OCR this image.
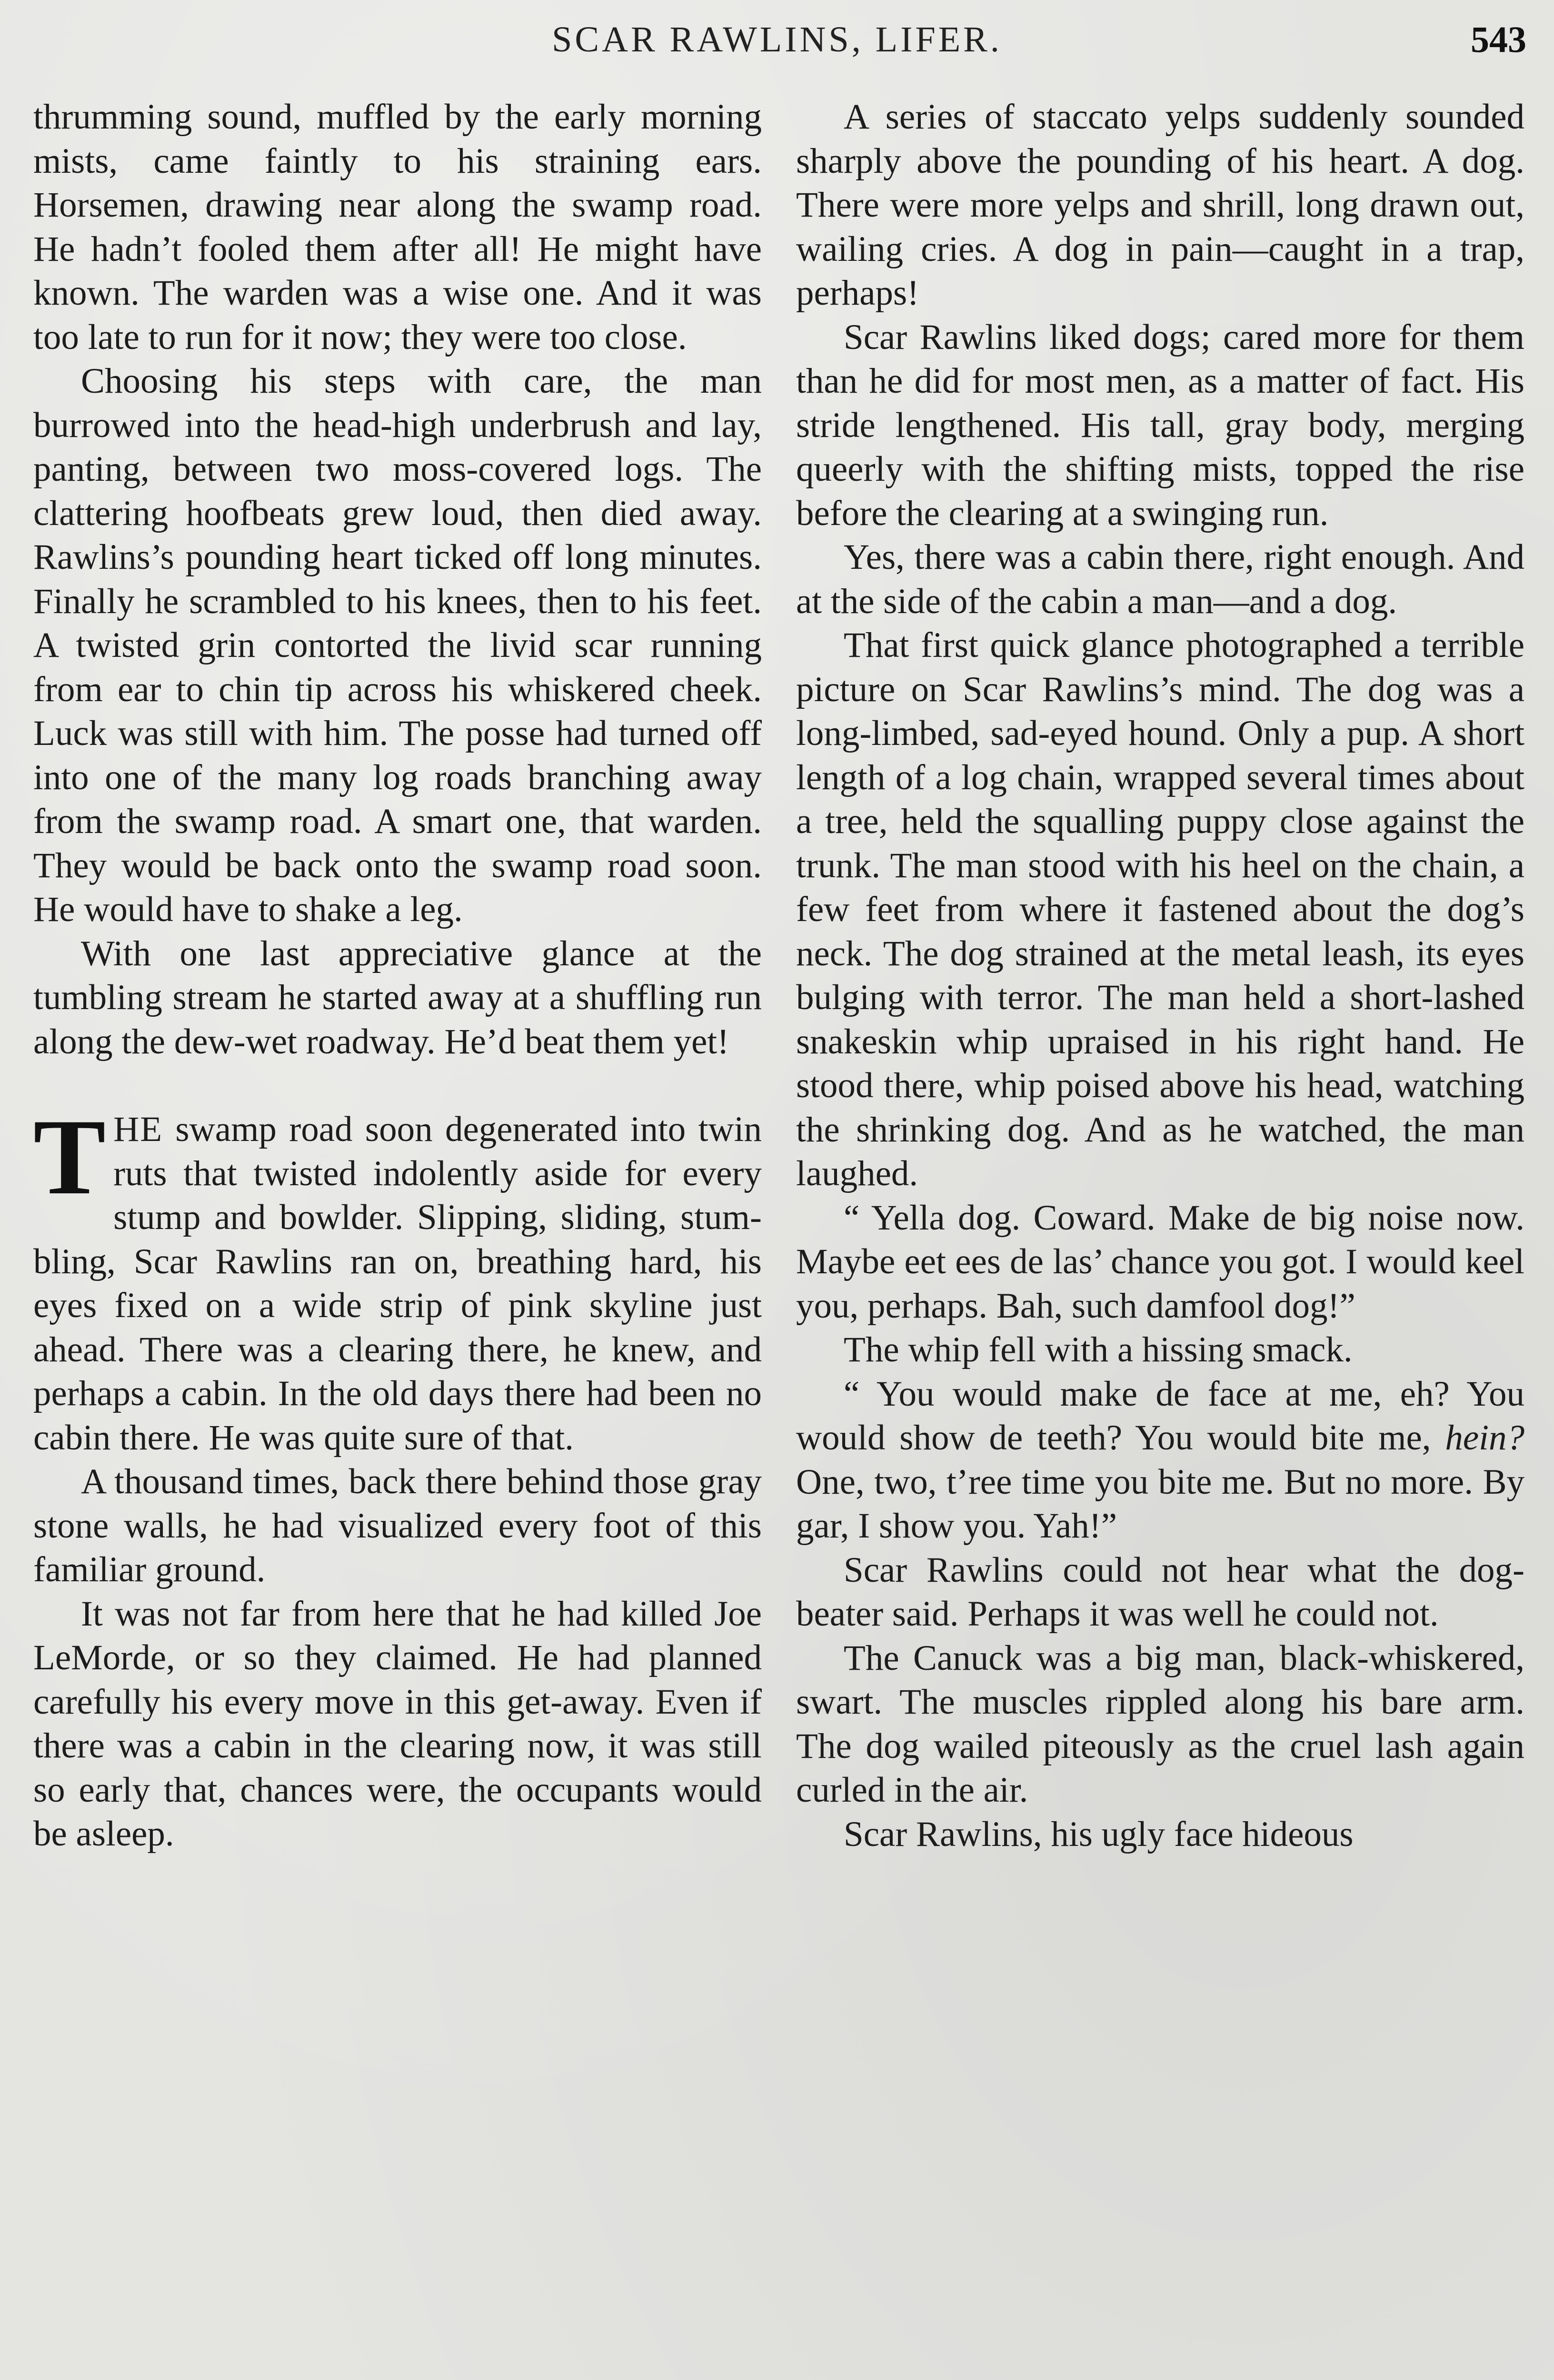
SCAR RAWLINS, LIFER.	543

thrumming sound, muffled by the early morning mists, came faintly to his straining ears. Horsemen, drawing near along the swamp road. He hadn’t fooled them after all! He might have known. The warden was a wise one. And it was too late to run for it now; they were too close.

Choosing his steps with care, the man burrowed into the head-high underbrush and lay, panting, between two moss-covered logs. The clattering hoofbeats grew loud, then died away. Rawlins’s pounding heart ticked off long minutes. Finally he scrambled to his knees, then to his feet. A twisted grin contorted the livid scar running from ear to chin tip across his whiskered cheek. Luck was still with him. The posse had turned off into one of the many log roads branching away from the swamp road. A smart one, that warden. They would be back onto the swamp road soon. He would have to shake a leg.

With one last appreciative glance at the tumbling stream he started away at a shuffling run along the dew-wet roadway. He’d beat them yet!

THE swamp road soon degenerated into twin ruts that twisted indolently aside for every stump and bowlder. Slipping, sliding, stumbling, Scar Rawlins ran on, breathing hard, his eyes fixed on a wide strip of pink skyline just ahead. There was a clearing there, he knew, and perhaps a cabin. In the old days there had been no cabin there. He was quite sure of that.

A thousand times, back there behind those gray stone walls, he had visualized every foot of this familiar ground.

It was not far from here that he had killed Joe LeMorde, or so they claimed. He had planned carefully his every move in this get-away. Even if there was a cabin in the clearing now, it was still so early that, chances were, the occupants would be asleep.

A series of staccato yelps suddenly sounded sharply above the pounding of his heart. A dog. There were more yelps and shrill, long drawn out, wailing cries. A dog in pain—caught in a trap, perhaps!

Scar Rawlins liked dogs; cared more for them than he did for most men, as a matter of fact. His stride lengthened. His tall, gray body, merging queerly with the shifting mists, topped the rise before the clearing at a swinging run.

Yes, there was a cabin there, right enough. And at the side of the cabin a man—and a dog.

That first quick glance photographed a terrible picture on Scar Rawlins’s mind. The dog was a long-limbed, sad-eyed hound. Only a pup. A short length of a log chain, wrapped several times about a tree, held the squalling puppy close against the trunk. The man stood with his heel on the chain, a few feet from where it fastened about the dog’s neck. The dog strained at the metal leash, its eyes bulging with terror. The man held a short-lashed snakeskin whip upraised in his right hand. He stood there, whip poised above his head, watching the shrinking dog. And as he watched, the man laughed.

“ Yella dog. Coward. Make de big noise now. Maybe eet ees de las’ chance you got. I would keel you, perhaps. Bah, such damfool dog!”

The whip fell with a hissing smack.

“ You would make de face at me, eh? You would show de teeth? You would bite me, hein? One, two, t’ree time you bite me. But no more. By gar, I show you. Yah!”

Scar Rawlins could not hear what the dog-beater said. Perhaps it was well he could not.

The Canuck was a big man, black-whiskered, swart. The muscles rippled along his bare arm. The dog wailed piteously as the cruel lash again curled in the air.

Scar Rawlins, his ugly face hideous
